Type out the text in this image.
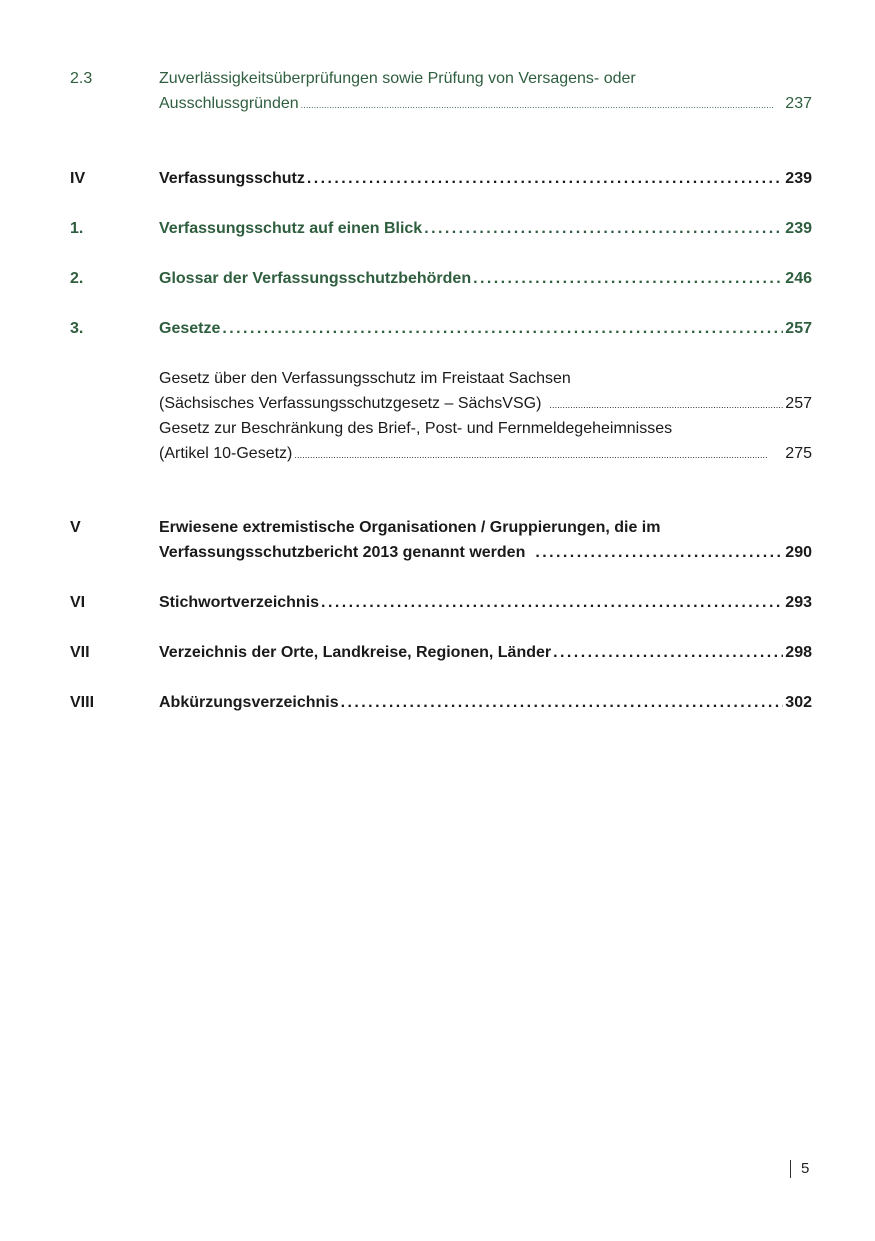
2.3	Zuverlässigkeitsüberprüfungen sowie Prüfung von Versagens- oder
Ausschlussgründen . . .	237
IV	Verfassungsschutz . . .	239
1.	Verfassungsschutz auf einen Blick . . .	239
2.	Glossar der Verfassungsschutzbehörden . . .	246
3.	Gesetze . . .	257
Gesetz über den Verfassungsschutz im Freistaat Sachsen
(Sächsisches Verfassungsschutzgesetz – SächsVSG) . . .	257
Gesetz zur Beschränkung des Brief-, Post- und Fernmeldegeheimnisses
(Artikel 10-Gesetz) . . .	275
V	Erwiesene extremistische Organisationen / Gruppierungen, die im
Verfassungsschutzbericht 2013 genannt werden . . .	290
VI	Stichwortverzeichnis . . .	293
VII	Verzeichnis der Orte, Landkreise, Regionen, Länder . . .	298
VIII	Abkürzungsverzeichnis . . .	302
5
